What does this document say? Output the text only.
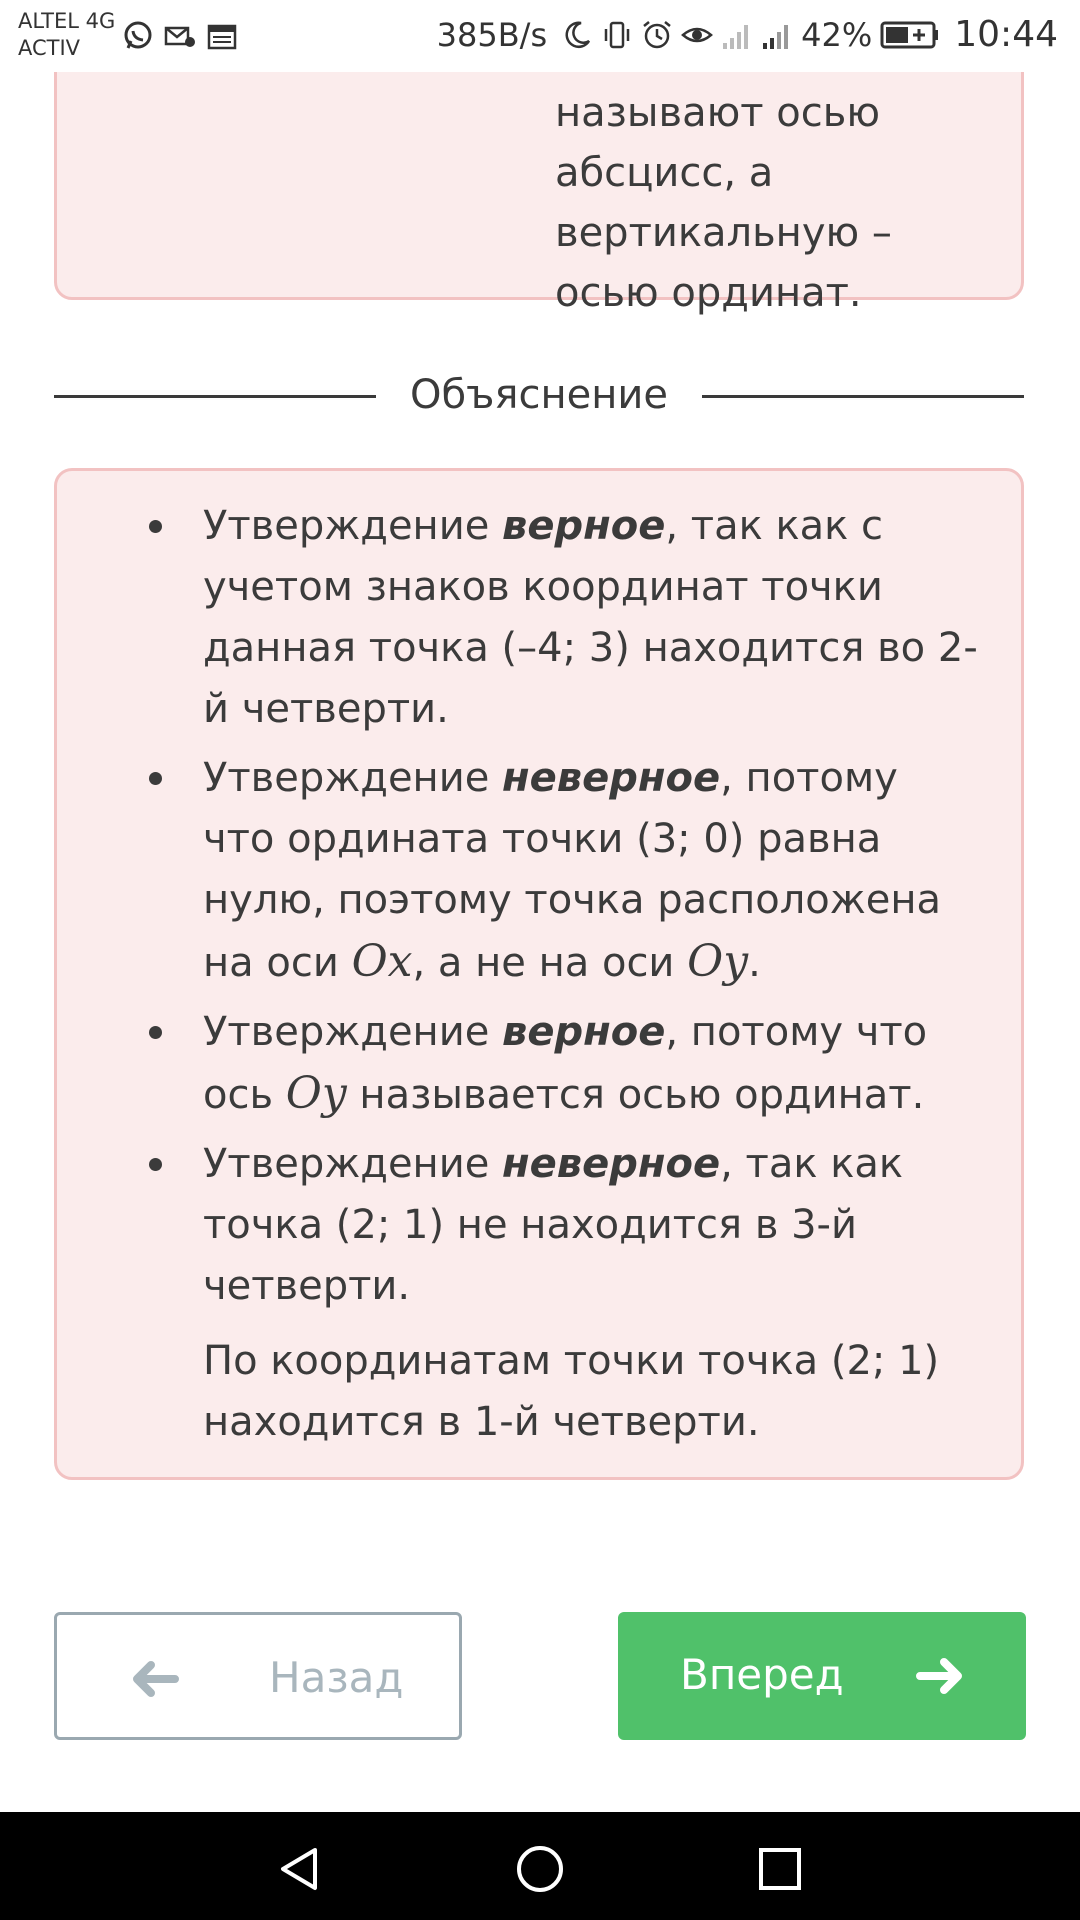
ALTEL 4G
ACTIV	385B/s	42% 10:44
называют осью абсцисс, а вертикальную – осью ординат.
Объяснение
Утверждение верное, так как с учетом знаков координат точки данная точка (–4; 3) находится во 2-й четверти.
Утверждение неверное, потому что ордината точки (3; 0) равна нулю, поэтому точка расположена на оси Ox, а не на оси Oy.
Утверждение верное, потому что ось Oy называется осью ординат.
Утверждение неверное, так как точка (2; 1) не находится в 3-й четверти.
По координатам точки точка (2; 1) находится в 1-й четверти.
Назад	Вперед
